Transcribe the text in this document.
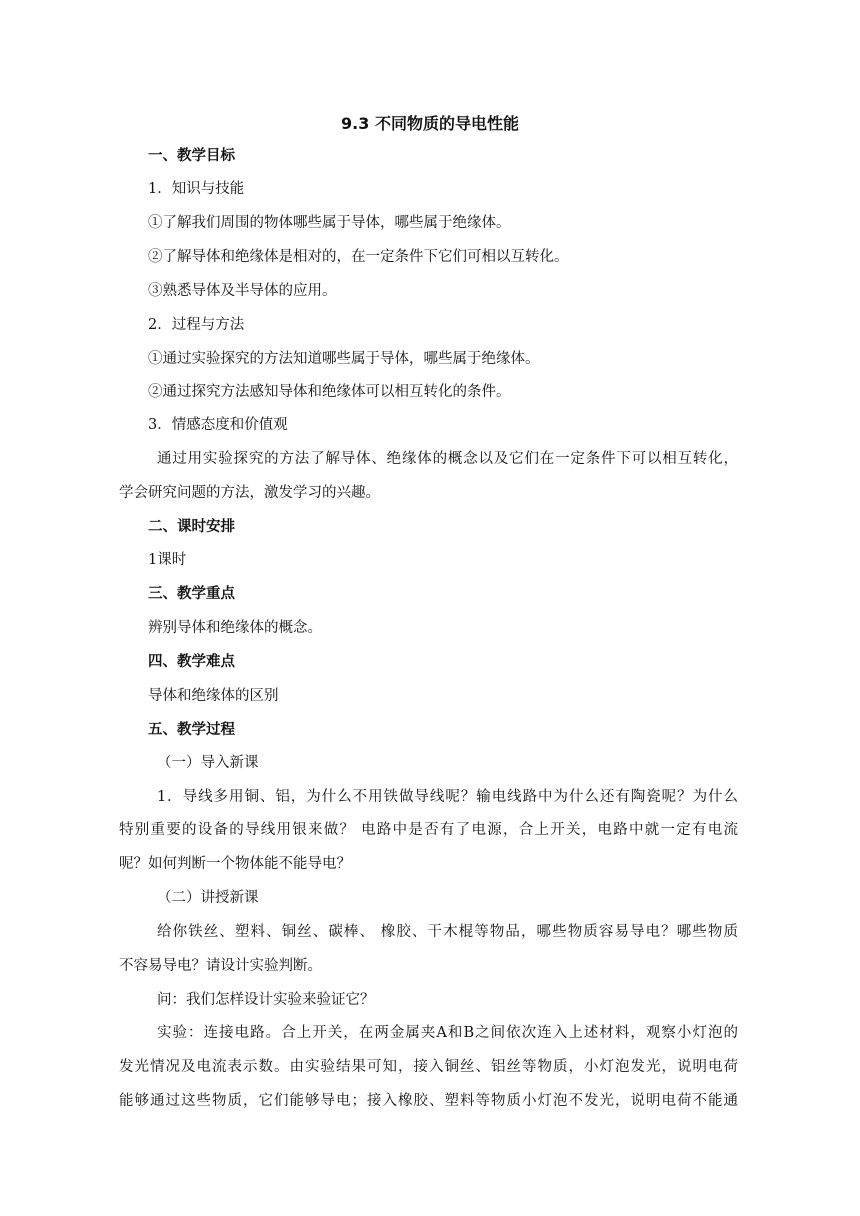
9.3 不同物质的导电性能
一、教学目标
1．知识与技能
①了解我们周围的物体哪些属于导体，哪些属于绝缘体。
②了解导体和绝缘体是相对的，在一定条件下它们可相以互转化。
③熟悉导体及半导体的应用。
2．过程与方法
①通过实验探究的方法知道哪些属于导体，哪些属于绝缘体。
②通过探究方法感知导体和绝缘体可以相互转化的条件。
3．情感态度和价值观
通过用实验探究的方法了解导体、绝缘体的概念以及它们在一定条件下可以相互转化，
学会研究问题的方法，激发学习的兴趣。
二、课时安排
1课时
三、教学重点
辨别导体和绝缘体的概念。
四、教学难点
导体和绝缘体的区别
五、教学过程
（一）导入新课
1．导线多用铜、铝，为什么不用铁做导线呢？输电线路中为什么还有陶瓷呢？为什么
特别重要的设备的导线用银来做？ 电路中是否有了电源，合上开关，电路中就一定有电流
呢？如何判断一个物体能不能导电？
（二）讲授新课
给你铁丝、塑料、铜丝、碳棒、 橡胶、干木棍等物品，哪些物质容易导电？哪些物质
不容易导电？请设计实验判断。
问：我们怎样设计实验来验证它？
实验：连接电路。合上开关，在两金属夹A和B之间依次连入上述材料，观察小灯泡的
发光情况及电流表示数。由实验结果可知，接入铜丝、铝丝等物质，小灯泡发光，说明电荷
能够通过这些物质，它们能够导电；接入橡胶、塑料等物质小灯泡不发光，说明电荷不能通
